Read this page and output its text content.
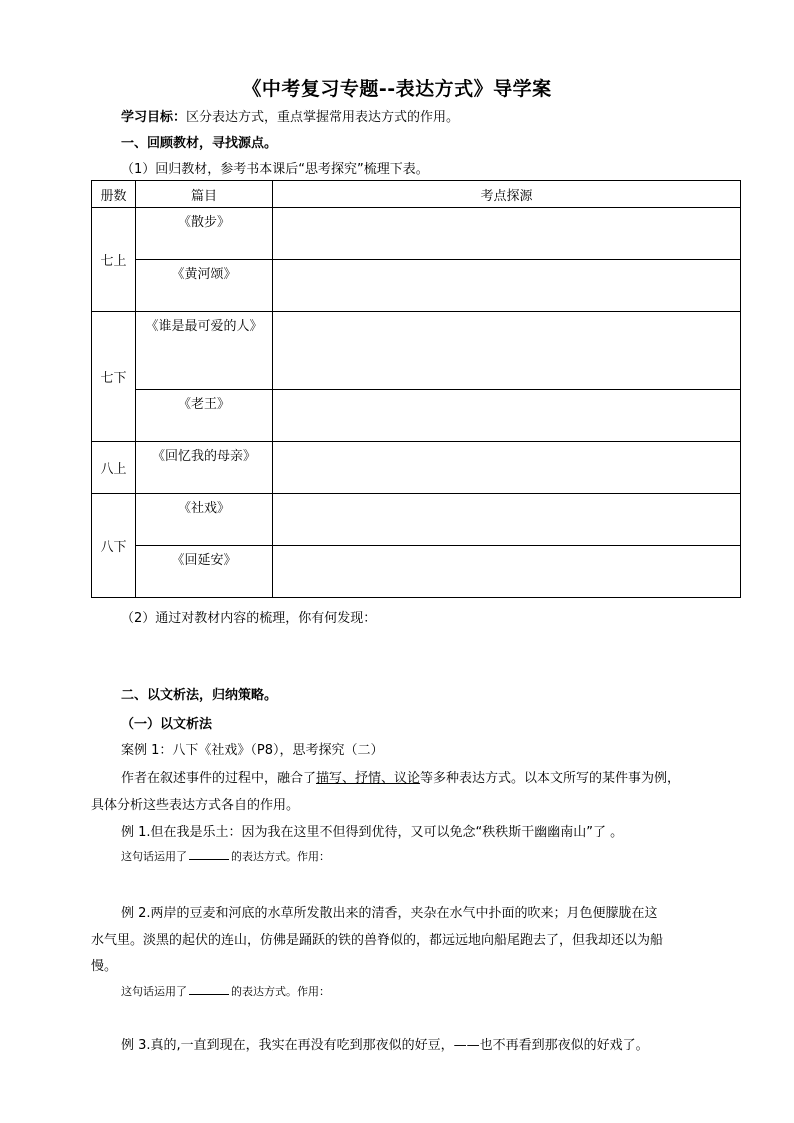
《中考复习专题--表达方式》导学案
学习目标：区分表达方式，重点掌握常用表达方式的作用。
一、回顾教材，寻找源点。
（1）回归教材，参考书本课后“思考探究”梳理下表。
册数	篇目	考点探源
七上	《散步》	
	《黄河颂》	
七下	《谁是最可爱的人》	
	《老王》	
八上	《回忆我的母亲》	
八下	《社戏》	
	《回延安》	
（2）通过对教材内容的梳理，你有何发现：
二、以文析法，归纳策略。
（一）以文析法
案例 1：八下《社戏》（P8），思考探究（二）
作者在叙述事件的过程中，融合了描写、抒情、议论等多种表达方式。以本文所写的某件事为例，
具体分析这些表达方式各自的作用。
例 1.但在我是乐土：因为我在这里不但得到优待，又可以免念“秩秩斯干幽幽南山”了 。
这句话运用了	的表达方式。作用：
例 2.两岸的豆麦和河底的水草所发散出来的清香，夹杂在水气中扑面的吹来；月色便朦胧在这
水气里。淡黑的起伏的连山，仿佛是踊跃的铁的兽脊似的，都远远地向船尾跑去了，但我却还以为船
慢。
这句话运用了	的表达方式。作用：
例 3.真的,一直到现在，我实在再没有吃到那夜似的好豆，——也不再看到那夜似的好戏了。
